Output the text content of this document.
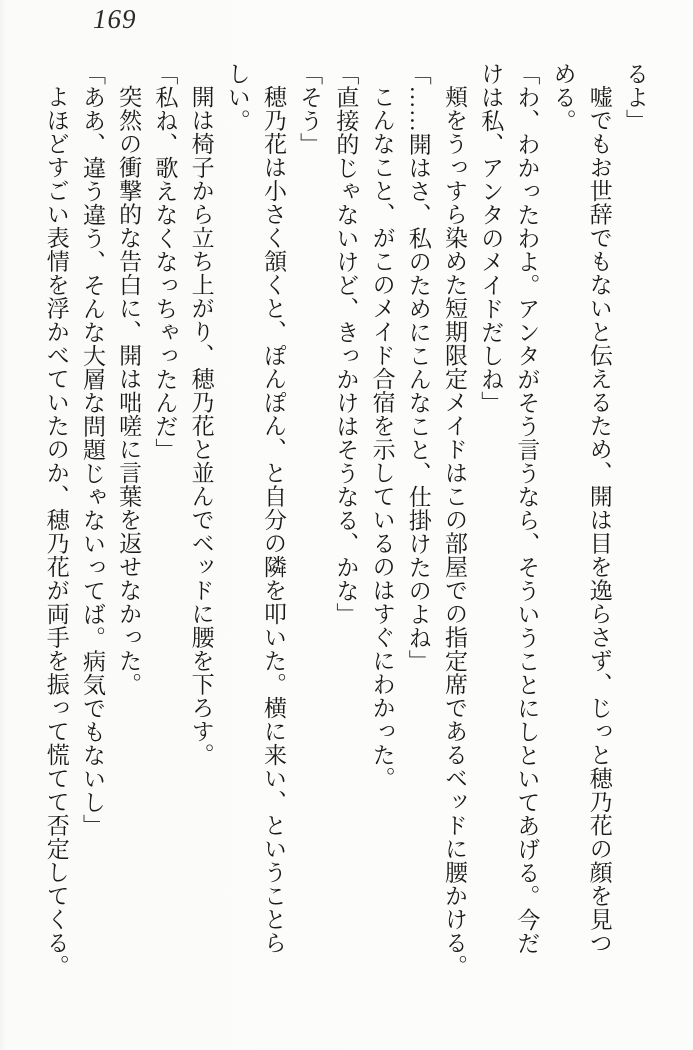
169
るよ」
嘘でもお世辞でもないと伝えるため、開は目を逸らさず、じっと穂乃花の顔を見つ
める。
「わ、わかったわよ。アンタがそう言うなら、そういうことにしといてあげる。今だ
けは私、アンタのメイドだしね」
頬をうっすら染めた短期限定メイドはこの部屋での指定席であるベッドに腰かける。
「……開はさ、私のためにこんなこと、仕掛けたのよね」
こんなこと、がこのメイド合宿を示しているのはすぐにわかった。
「直接的じゃないけど、きっかけはそうなる、かな」
「そう」
穂乃花は小さく頷くと、ぽんぽん、と自分の隣を叩いた。横に来い、ということら
しい。
開は椅子から立ち上がり、穂乃花と並んでベッドに腰を下ろす。
「私ね、歌えなくなっちゃったんだ」
突然の衝撃的な告白に、開は咄嗟に言葉を返せなかった。
「ああ、違う違う、そんな大層な問題じゃないってば。病気でもないし」
よほどすごい表情を浮かべていたのか、穂乃花が両手を振って慌てて否定してくる。
